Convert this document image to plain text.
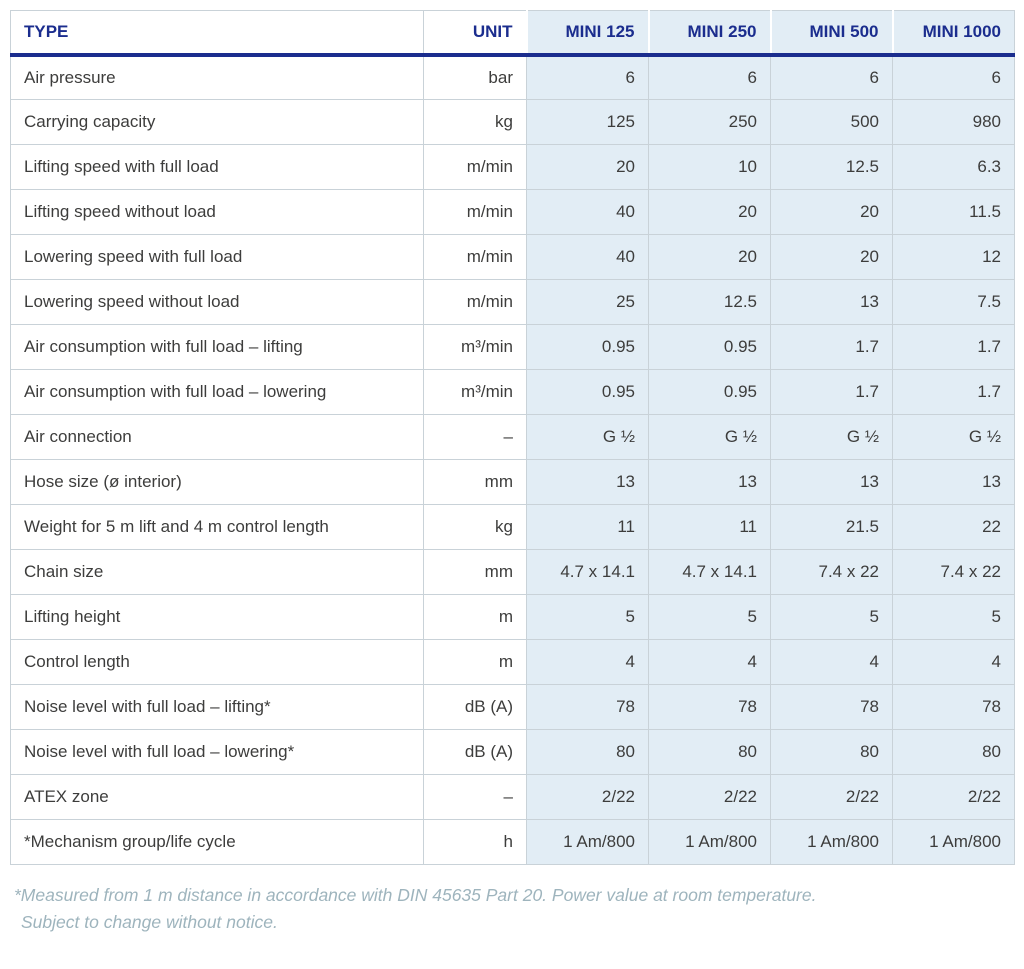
TYPE	UNIT	MINI 125	MINI 250	MINI 500	MINI 1000
Air pressure	bar	6	6	6	6
Carrying capacity	kg	125	250	500	980
Lifting speed with full load	m/min	20	10	12.5	6.3
Lifting speed without load	m/min	40	20	20	11.5
Lowering speed with full load	m/min	40	20	20	12
Lowering speed without load	m/min	25	12.5	13	7.5
Air consumption with full load – lifting	m³/min	0.95	0.95	1.7	1.7
Air consumption with full load – lowering	m³/min	0.95	0.95	1.7	1.7
Air connection	–	G ½	G ½	G ½	G ½
Hose size (ø interior)	mm	13	13	13	13
Weight for 5 m lift and 4 m control length	kg	11	11	21.5	22
Chain size	mm	4.7 x 14.1	4.7 x 14.1	7.4 x 22	7.4 x 22
Lifting height	m	5	5	5	5
Control length	m	4	4	4	4
Noise level with full load – lifting*	dB (A)	78	78	78	78
Noise level with full load – lowering*	dB (A)	80	80	80	80
ATEX zone	–	2/22	2/22	2/22	2/22
*Mechanism group/life cycle	h	1 Am/800	1 Am/800	1 Am/800	1 Am/800
*Measured from 1 m distance in accordance with DIN 45635 Part 20. Power value at room temperature.
Subject to change without notice.
